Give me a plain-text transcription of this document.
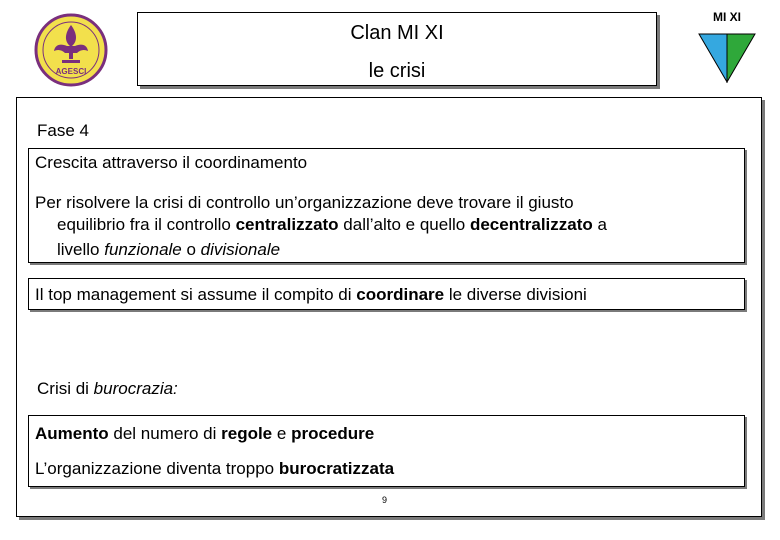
AGESCI
Clan MI XI
le crisi
MI XI
Fase 4
Crescita attraverso il coordinamento
Per risolvere la crisi di controllo un’organizzazione deve trovare il giusto
equilibrio fra il controllo centralizzato dall’alto e quello decentralizzato a
livello funzionale o divisionale
Il top management si assume il compito di coordinare le diverse divisioni
Crisi di burocrazia:
Aumento del numero di regole e procedure
L’organizzazione diventa troppo burocratizzata
9
